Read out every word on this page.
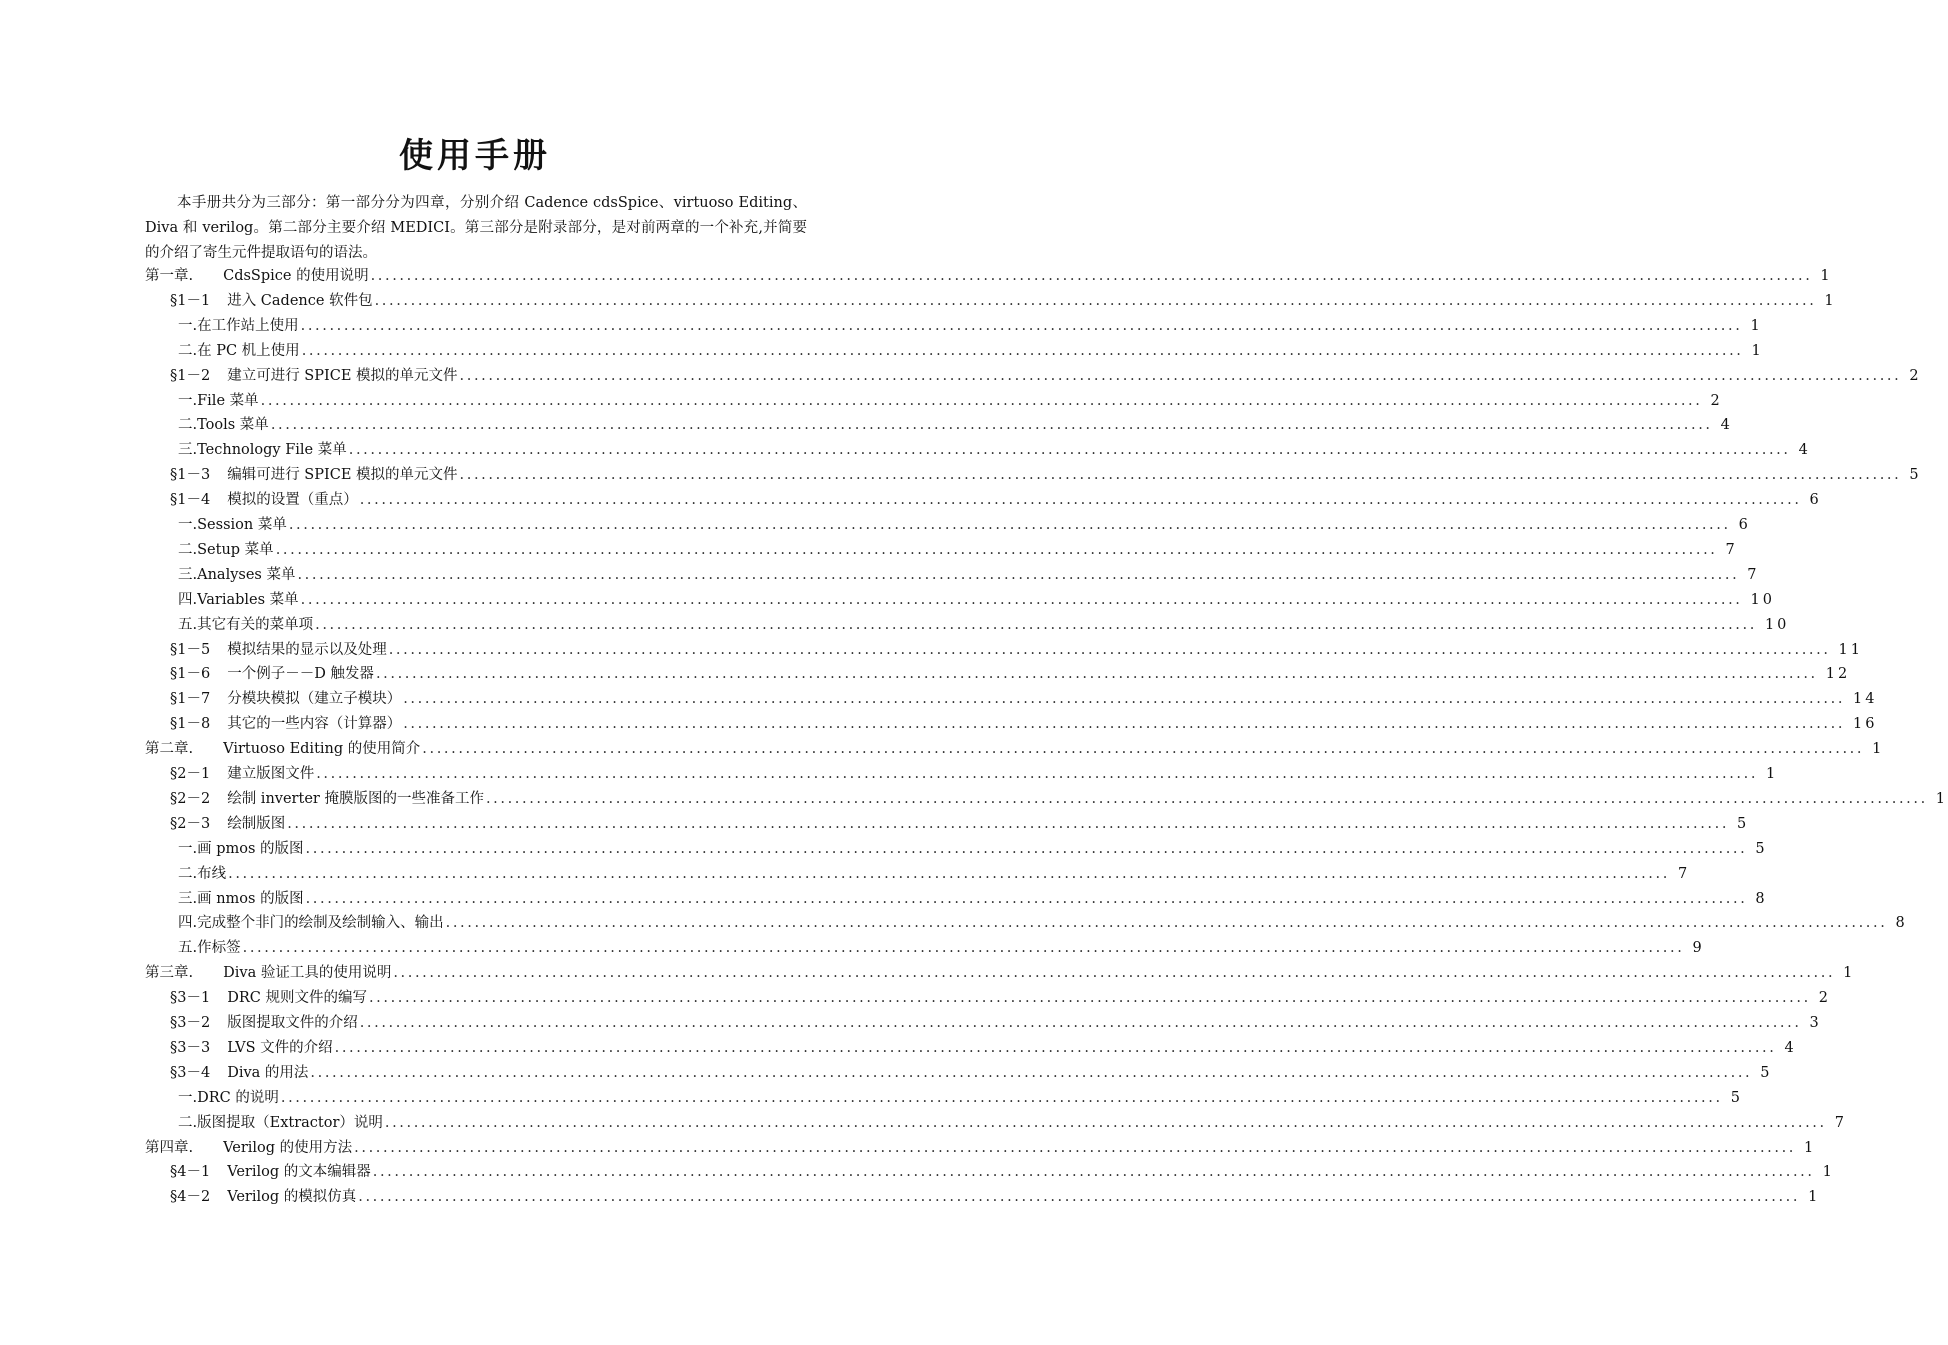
使用手册

本手册共分为三部分：第一部分分为四章，分别介绍 Cadence cdsSpice、virtuoso Editing、Diva 和 verilog。第二部分主要介绍 MEDICI。第三部分是附录部分，是对前两章的一个补充,并简要的介绍了寄生元件提取语句的语法。

第一章. CdsSpice 的使用说明 ........................................................................................................................................................................................................ 1
§1－1 进入 Cadence 软件包 ........................................................................................................................................................................................................ 1
一.在工作站上使用 ........................................................................................................................................................................................................ 1
二.在 PC 机上使用 ........................................................................................................................................................................................................ 1
§1－2 建立可进行 SPICE 模拟的单元文件 ........................................................................................................................................................................................................ 2
一.File 菜单 ........................................................................................................................................................................................................ 2
二.Tools 菜单 ........................................................................................................................................................................................................ 4
三.Technology File 菜单 ........................................................................................................................................................................................................ 4
§1－3 编辑可进行 SPICE 模拟的单元文件 ........................................................................................................................................................................................................ 5
§1－4 模拟的设置（重点） ........................................................................................................................................................................................................ 6
一.Session 菜单 ........................................................................................................................................................................................................ 6
二.Setup 菜单 ........................................................................................................................................................................................................ 7
三.Analyses 菜单 ........................................................................................................................................................................................................ 7
四.Variables 菜单 ........................................................................................................................................................................................................ 10
五.其它有关的菜单项 ........................................................................................................................................................................................................ 10
§1－5 模拟结果的显示以及处理 ........................................................................................................................................................................................................ 11
§1－6 一个例子－－D 触发器 ........................................................................................................................................................................................................ 12
§1－7 分模块模拟（建立子模块） ........................................................................................................................................................................................................ 14
§1－8 其它的一些内容（计算器） ........................................................................................................................................................................................................ 16
第二章. Virtuoso Editing 的使用简介 ........................................................................................................................................................................................................ 1
§2－1 建立版图文件 ........................................................................................................................................................................................................ 1
§2－2 绘制 inverter 掩膜版图的一些准备工作 ........................................................................................................................................................................................................ 1
§2－3 绘制版图 ........................................................................................................................................................................................................ 5
一.画 pmos 的版图 ........................................................................................................................................................................................................ 5
二.布线 ........................................................................................................................................................................................................ 7
三.画 nmos 的版图 ........................................................................................................................................................................................................ 8
四.完成整个非门的绘制及绘制输入、输出 ........................................................................................................................................................................................................ 8
五.作标签 ........................................................................................................................................................................................................ 9
第三章. Diva 验证工具的使用说明 ........................................................................................................................................................................................................ 1
§3－1 DRC 规则文件的编写 ........................................................................................................................................................................................................ 2
§3－2 版图提取文件的介绍 ........................................................................................................................................................................................................ 3
§3－3 LVS 文件的介绍 ........................................................................................................................................................................................................ 4
§3－4 Diva 的用法 ........................................................................................................................................................................................................ 5
一.DRC 的说明 ........................................................................................................................................................................................................ 5
二.版图提取（Extractor）说明 ........................................................................................................................................................................................................ 7
第四章. Verilog 的使用方法 ........................................................................................................................................................................................................ 1
§4－1 Verilog 的文本编辑器 ........................................................................................................................................................................................................ 1
§4－2 Verilog 的模拟仿真 ........................................................................................................................................................................................................ 1
